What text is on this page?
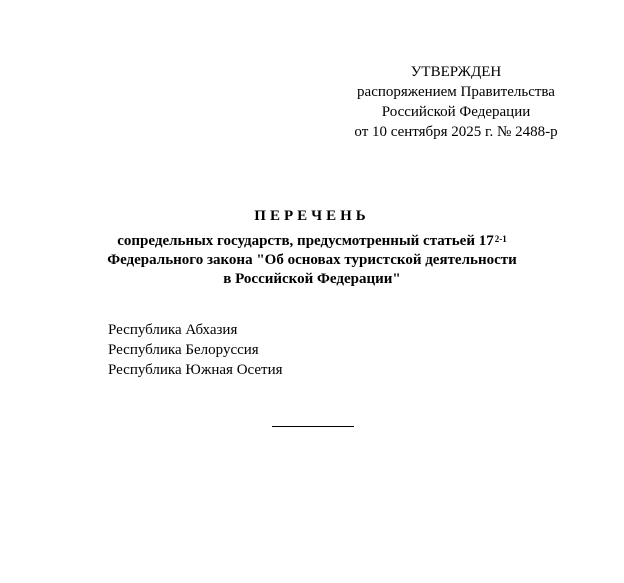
УТВЕРЖДЕН
распоряжением Правительства
Российской Федерации
от 10 сентября 2025 г. № 2488-р
ПЕРЕЧЕНЬ
сопредельных государств, предусмотренный статьей 17$^{2-1}$
Федерального закона "Об основах туристской деятельности
в Российской Федерации"
Республика Абхазия
Республика Белоруссия
Республика Южная Осетия
